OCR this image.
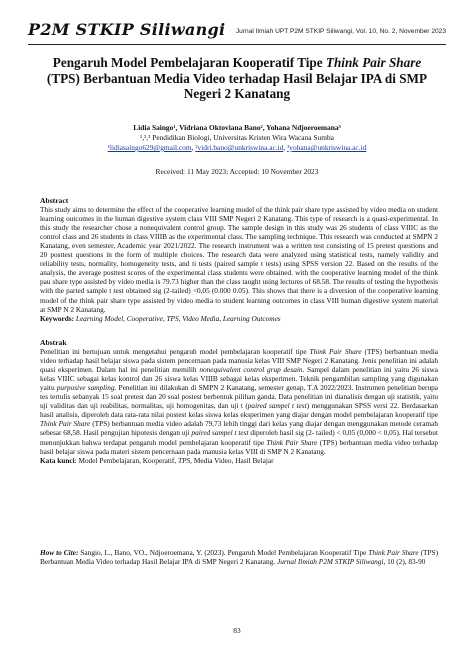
P2M STKIP Siliwangi Jurnal Ilmiah UPT P2M STKIP Siliwangi, Vol. 10, No. 2, November 2023
Pengaruh Model Pembelajaran Kooperatif Tipe Think Pair Share
(TPS) Berbantuan Media Video terhadap Hasil Belajar IPA di SMP
Negeri 2 Kanatang
Lidia Saingo¹, Vidriana Oktoviana Bano², Yohana Ndjoeroemana³
¹,²,³ Pendidikan Biologi, Universitas Kristen Wira Wacana Sumba
¹lidiasaingo629@gmail.com, ²vidri.bano@unkriswina.ac.id, ³yohana@unkriswina.ac.id
Received: 11 May 2023; Accepted: 10 November 2023
Abstract
This study aims to determine the effect of the cooperative learning model of the think pair share type assisted by video media on student learning outcomes in the human digestive system class VIII SMP Negeri 2 Kanatang. This type of research is a quasi-experimental. In this study the researcher chose a nonequivalent control group. The sample design in this study was 26 students of class VIIIC as the control class and 26 students in class VIIIB as the experimental class. The sampling technique. This research was conducted at SMPN 2 Kanatang, even semester, Academic year 2021/2022. The research instrument was a written test consisting of 15 pretest questions and 20 posttest questions in the form of multiple choices. The research data were analyzed using statistical tests, namely validity and reliability tests, normality, homogeneity tests, and ti tests (paired sample t tests) using SPSS version 22. Based on the results of the analysis, the average posttest scores of the experimental class students were obtained. with the cooperative learning model of the think pau share type assisted by video media is 79.73 higher than the class taught using lectures of 68.58. The results of testing the hypothesis with the parted sample t test obtained sig (2-tailed) <0,05 (0.000 0.05). This shows that there is a diversion of the cooperative learning model of the think pair share type assisted by video media to student learning outcomes in class VIII human digestive system material at SMP N 2 Kanatang.
Keywords: Learning Model, Cooperative, TPS, Video Media, Learning Outcomes
Abstrak
Penelitian ini bertujuan untuk mengetahui pengaruh model pembelajaran kooperatif tipe Think Pair Share (TPS) berbantuan media video terhadap hasil belajar siswa pada sistem pencernaan pada manusia kelas VIII SMP Negeri 2 Kanatang. Jenis penelitian ini adalah quasi eksperimen. Dalam hal ini penelitian memilih nonequivalent control grup desain. Sampel dalam penelitian ini yaitu 26 siswa kelas VIIIC sebagai kelas kontrol dan 26 siswa kelas VIIIB sebagai kelas eksperimen. Teknik pengambilan sampling yang digunakan yaitu purposive sampling. Penelitian ini dilakukan di SMPN 2 Kanatang, semester genap, T.A 2022/2023. Instrumen penelitian berupa tes tertulis sebanyak 15 soal pretest dan 20 soal postest berbentuk pilihan ganda. Data penelitian ini dianalisis dengan uji statistik, yaitu uji validitas dan uji reabilitas, normalitas, uji homogenitas, dan uji t (paired sampel t test) menggunakan SPSS versi 22. Berdasarkan hasil analisis, diperoleh data rata-rata nilai postest kelas siswa kelas eksperimen yang diajar dengan model pembelajaran kooperatif tipe Think Pair Share (TPS) berbantuan media video adalah 79,73 lebih tinggi dari kelas yang diajar dengan menggunakan metode ceramah sebesar 68,58. Hasil pengujian hipotesis dengan uji paired sampel t test diperoleh hasil sig (2- tailed) < 0,05 (0,000 < 0,05). Hal tersebut menunjukkan bahwa terdapat pengaruh model pembelajaran kooperatif tipe Think Pair Share (TPS) berbantuan media video terhadap hasil belajar siswa pada materi sistem pencernaan pada manusia kelas VIII di SMP N 2 Kanatang.
Kata kunci: Model Pembelajaran, Kooperatif, TPS, Media Video, Hasil Belajar
How to Cite: Sangio, L., Bano, VO., Ndjoeroemana, Y. (2023). Pengaruh Model Pembelajaran Kooperatif Tipe Think Pair Share (TPS) Berbantuan Media Video terhadap Hasil Belajar IPA di SMP Negeri 2 Kanatang. Jurnal Ilmiah P2M STKIP Siliwangi, 10 (2), 83-90
83
